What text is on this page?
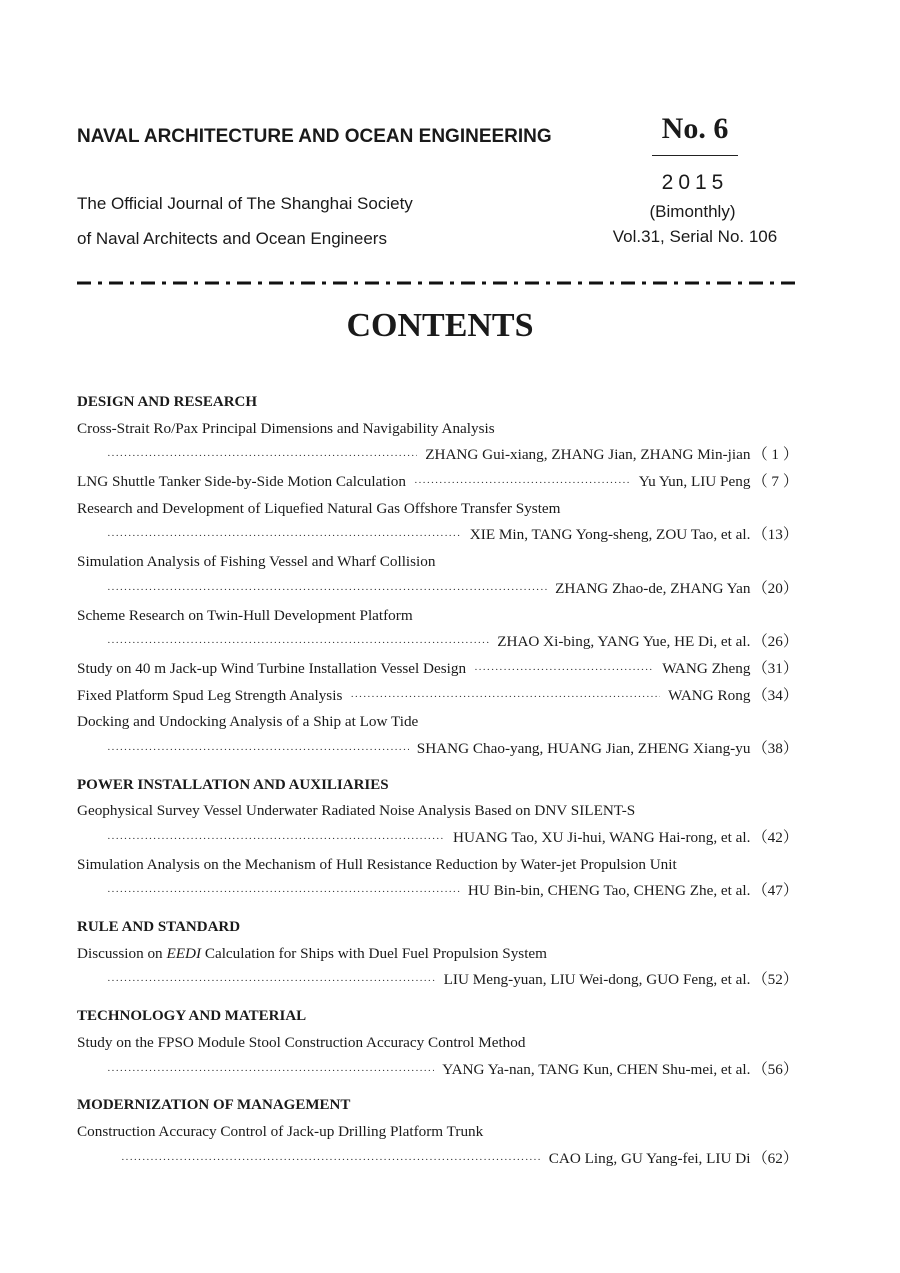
NAVAL ARCHITECTURE AND OCEAN ENGINEERING	No. 6
2015
(Bimonthly)
Vol.31, Serial No. 106
The Official Journal of The Shanghai Society
of Naval Architects and Ocean Engineers
CONTENTS
DESIGN AND RESEARCH
Cross-Strait Ro/Pax Principal Dimensions and Navigability Analysis
·····
ZHANG Gui-xiang, ZHANG Jian, ZHANG Min-jian （ 1 ）
LNG Shuttle Tanker Side-by-Side Motion Calculation ·····	Yu Yun, LIU Peng （ 7 ）
Research and Development of Liquefied Natural Gas Offshore Transfer System
·····
XIE Min, TANG Yong-sheng, ZOU Tao, et al. （13）
Simulation Analysis of Fishing Vessel and Wharf Collision
·····
ZHANG Zhao-de, ZHANG Yan （20）
Scheme Research on Twin-Hull Development Platform
·····
ZHAO Xi-bing, YANG Yue, HE Di, et al. （26）
Study on 40 m Jack-up Wind Turbine Installation Vessel Design ·····	WANG Zheng （31）
Fixed Platform Spud Leg Strength Analysis ·····	WANG Rong （34）
Docking and Undocking Analysis of a Ship at Low Tide
·····
SHANG Chao-yang, HUANG Jian, ZHENG Xiang-yu （38）
POWER INSTALLATION AND AUXILIARIES
Geophysical Survey Vessel Underwater Radiated Noise Analysis Based on DNV SILENT-S
·····
HUANG Tao, XU Ji-hui, WANG Hai-rong, et al. （42）
Simulation Analysis on the Mechanism of Hull Resistance Reduction by Water-jet Propulsion Unit
·····
HU Bin-bin, CHENG Tao, CHENG Zhe, et al. （47）
RULE AND STANDARD
Discussion on EEDI Calculation for Ships with Duel Fuel Propulsion System
·····
LIU Meng-yuan, LIU Wei-dong, GUO Feng, et al. （52）
TECHNOLOGY AND MATERIAL
Study on the FPSO Module Stool Construction Accuracy Control Method
·····
YANG Ya-nan, TANG Kun, CHEN Shu-mei, et al. （56）
MODERNIZATION OF MANAGEMENT
Construction Accuracy Control of Jack-up Drilling Platform Trunk
·····
CAO Ling, GU Yang-fei, LIU Di （62）
